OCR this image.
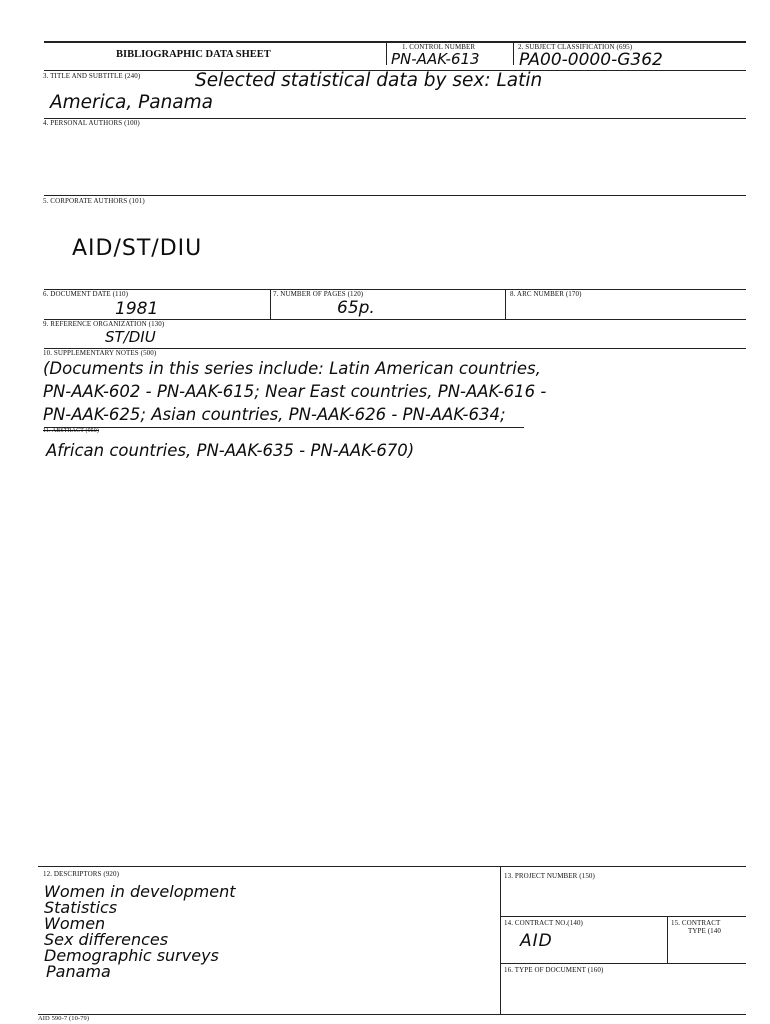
BIBLIOGRAPHIC DATA SHEET
1. CONTROL NUMBER
PN-AAK-613
2. SUBJECT CLASSIFICATION (695)
PA00-0000-G362
3. TITLE AND SUBTITLE (240)	Selected statistical data by sex: Latin
America, Panama
4. PERSONAL AUTHORS (100)
5. CORPORATE AUTHORS (101)
AID/ST/DIU
6. DOCUMENT DATE (110)
1981
7. NUMBER OF PAGES (120)
65p.
8. ARC NUMBER (170)
9. REFERENCE ORGANIZATION (130)
ST/DIU
10. SUPPLEMENTARY NOTES (500)
(Documents in this series include: Latin American countries,
PN-AAK-602 - PN-AAK-615; Near East countries, PN-AAK-616 -
PN-AAK-625; Asian countries, PN-AAK-626 - PN-AAK-634;
11. ABSTRACT (950)
African countries, PN-AAK-635 - PN-AAK-670)
12. DESCRIPTORS (920)
Women in development
Statistics
Women
Sex differences
Demographic surveys
Panama
13. PROJECT NUMBER (150)
14. CONTRACT NO.(140)
AID
15. CONTRACT
TYPE (140
16. TYPE OF DOCUMENT (160)
AID 590-7 (10-79)
